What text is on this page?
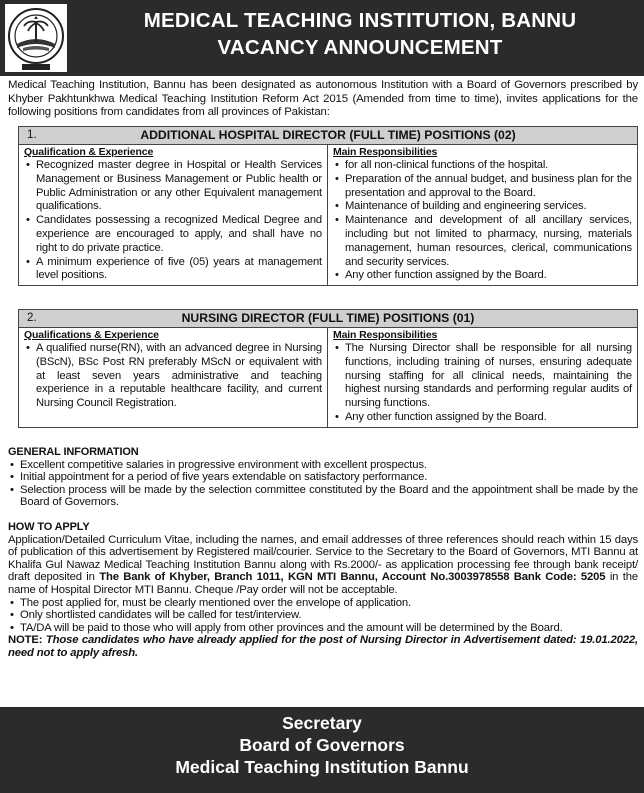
MEDICAL TEACHING INSTITUTION, BANNU
VACANCY ANNOUNCEMENT
Medical Teaching Institution, Bannu has been designated as autonomous Institution with a Board of Governors prescribed by Khyber Pakhtunkhwa Medical Teaching Institution Reform Act 2015 (Amended from time to time), invites applications for the following positions from candidates from all provinces of Pakistan:
1.	ADDITIONAL HOSPITAL DIRECTOR (FULL TIME) POSITIONS (02)
Qualification & Experience
• Recognized master degree in Hospital or Health Services Management or Business Management or Public health or Public Administration or any other Equivalent management qualifications.
• Candidates possessing a recognized Medical Degree and experience are encouraged to apply, and shall have no right to do private practice.
• A minimum experience of five (05) years at management level positions.
Main Responsibilities
• for all non-clinical functions of the hospital.
• Preparation of the annual budget, and business plan for the presentation and approval to the Board.
• Maintenance of building and engineering services.
• Maintenance and development of all ancillary services, including but not limited to pharmacy, nursing, materials management, human resources, clerical, communications and security services.
• Any other function assigned by the Board.
2.	NURSING DIRECTOR (FULL TIME) POSITIONS (01)
Qualifications & Experience
• A qualified nurse(RN), with an advanced degree in Nursing (BScN), BSc Post RN preferably MScN or equivalent with at least seven years administrative and teaching experience in a reputable healthcare facility, and current Nursing Council Registration.
Main Responsibilities
• The Nursing Director shall be responsible for all nursing functions, including training of nurses, ensuring adequate nursing staffing for all clinical needs, maintaining the highest nursing standards and performing regular audits of nursing functions.
• Any other function assigned by the Board.
GENERAL INFORMATION
• Excellent competitive salaries in progressive environment with excellent prospectus.
• Initial appointment for a period of five years extendable on satisfactory performance.
• Selection process will be made by the selection committee constituted by the Board and the appointment shall be made by the Board of Governors.
HOW TO APPLY
Application/Detailed Curriculum Vitae, including the names, and email addresses of three references should reach within 15 days of publication of this advertisement by Registered mail/courier. Service to the Secretary to the Board of Governors, MTI Bannu at Khalifa Gul Nawaz Medical Teaching Institution Bannu along with Rs.2000/- as application processing fee through bank receipt/ draft deposited in The Bank of Khyber, Branch 1011, KGN MTI Bannu, Account No.3003978558 Bank Code: 5205 in the name of Hospital Director MTI Bannu. Cheque /Pay order will not be acceptable.
• The post applied for, must be clearly mentioned over the envelope of application.
• Only shortlisted candidates will be called for test/interview.
• TA/DA will be paid to those who will apply from other provinces and the amount will be determined by the Board.
NOTE: Those candidates who have already applied for the post of Nursing Director in Advertisement dated: 19.01.2022, need not to apply afresh.
Secretary
Board of Governors
Medical Teaching Institution Bannu
